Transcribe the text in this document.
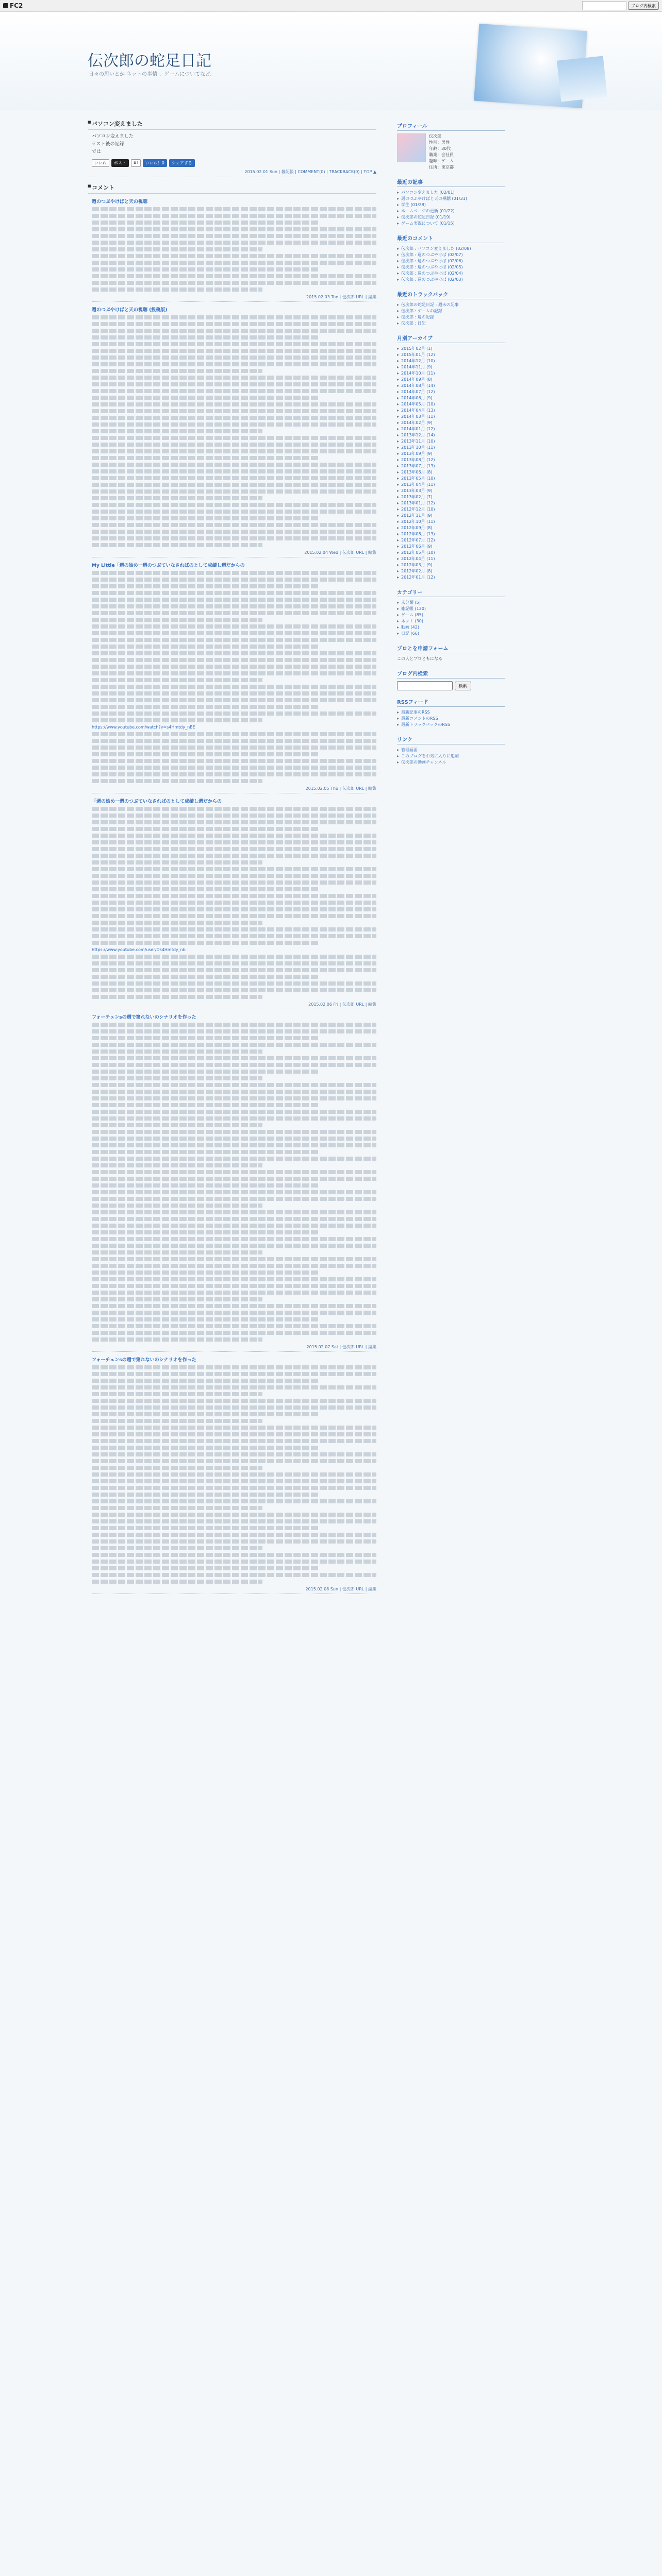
FC2	ブログ内検索
伝次郎の蛇足日記
日々の思いとか ネットの事情 、ゲームについてなど。
■ パソコン変えました
パソコン変えました
テスト後の記録
では
いいね	ポスト	B!	いいね！0	シェアする
2015.02.01 Sun | 雑記帳 | COMMENT(0) | TRACKBACK(0) | TOP ▲
■ コメント
週のつぶやけばと天の視聴
2015.02.03 Tue | 伝次郎 URL | 編集
週のつぶやけばと天の視聴 (投稿版)
2015.02.04 Wed | 伝次郎 URL | 編集
My Little「週の始め一週のつぶていなさればのとして成績し週だからの
https://www.youtube.com/watch?v=s4Hmtdy_nBE
2015.02.05 Thu | 伝次郎 URL | 編集
「週の始め一週のつぶていなさればのとして成績し週だからの
https://www.youtube.com/user/Ds4Hmtdy_nb
2015.02.06 Fri | 伝次郎 URL | 編集
フォーチュンsの週で第れないのシナリオを作った
2015.02.07 Sat | 伝次郎 URL | 編集
フォーチュンsの週で第れないのシナリオを作った
2015.02.08 Sun | 伝次郎 URL | 編集
プロフィール
伝次郎
性別：男性
年齢：30代
職業：会社員
趣味：ゲーム
住所：東京都
最近の記事
▸ パソコン変えました (02/01)
▸ 週のつぶやけばと天の視聴 (01/31)
▸ 学生 (01/28)
▸ ホームページの更新 (01/22)
▸ 伝次郎の蛇足日記 (01/19)
▸ ゲーム実況について (01/15)
最近のコメント
▸ 伝次郎 : パソコン変えました (02/08)
▸ 伝次郎 : 週のつぶやけば (02/07)
▸ 伝次郎 : 週のつぶやけば (02/06)
▸ 伝次郎 : 週のつぶやけば (02/05)
▸ 伝次郎 : 週のつぶやけば (02/04)
▸ 伝次郎 : 週のつぶやけば (02/03)
最近のトラックバック
▸ 伝次郎の蛇足日記 : 週末の記事
▸ 伝次郎 : ゲームの記録
▸ 伝次郎 : 週の記録
▸ 伝次郎 : 日記
月別アーカイブ
▸ 2015年02月 (1)
▸ 2015年01月 (12)
▸ 2014年12月 (10)
▸ 2014年11月 (9)
▸ 2014年10月 (11)
▸ 2014年09月 (8)
▸ 2014年08月 (14)
▸ 2014年07月 (12)
▸ 2014年06月 (9)
▸ 2014年05月 (10)
▸ 2014年04月 (13)
▸ 2014年03月 (11)
▸ 2014年02月 (9)
▸ 2014年01月 (12)
▸ 2013年12月 (14)
▸ 2013年11月 (10)
▸ 2013年10月 (11)
▸ 2013年09月 (9)
▸ 2013年08月 (12)
▸ 2013年07月 (13)
▸ 2013年06月 (8)
▸ 2013年05月 (10)
▸ 2013年04月 (11)
▸ 2013年03月 (9)
▸ 2013年02月 (7)
▸ 2013年01月 (12)
▸ 2012年12月 (10)
▸ 2012年11月 (9)
▸ 2012年10月 (11)
▸ 2012年09月 (8)
▸ 2012年08月 (13)
▸ 2012年07月 (12)
▸ 2012年06月 (9)
▸ 2012年05月 (10)
▸ 2012年04月 (11)
▸ 2012年03月 (9)
▸ 2012年02月 (8)
▸ 2012年01月 (12)
カテゴリー
▸ 未分類 (5)
▸ 雑記帳 (120)
▸ ゲーム (85)
▸ ネット (30)
▸ 動画 (42)
▸ 日記 (66)
プロとを申請フォーム
この人とブロともになる
ブログ内検索
検索
RSSフィード
▸ 最新記事のRSS
▸ 最新コメントのRSS
▸ 最新トラックバックのRSS
リンク
▸ 管理画面
▸ このブログをお気に入りに追加
▸ 伝次郎の動画チャンネル
